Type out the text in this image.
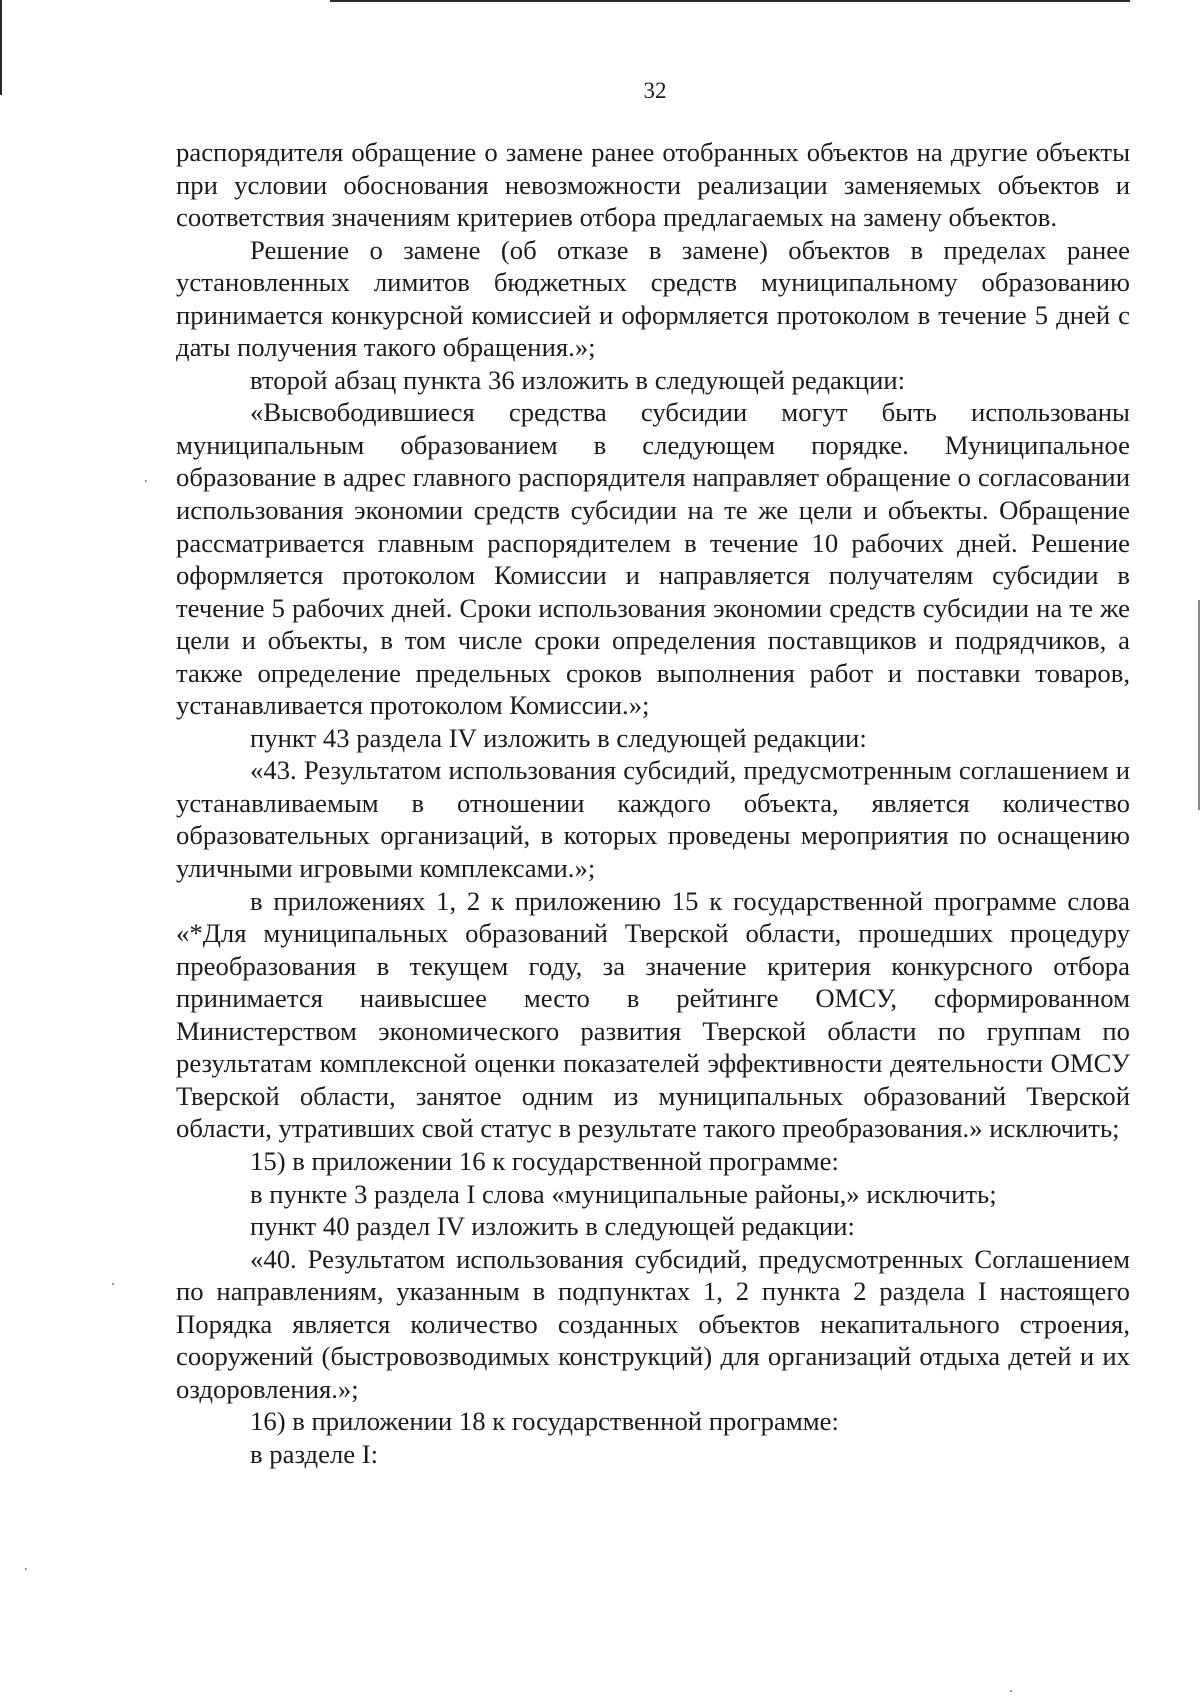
32

распорядителя обращение о замене ранее отобранных объектов на другие объекты при условии обоснования невозможности реализации заменяемых объектов и соответствия значениям критериев отбора предлагаемых на замену объектов.

Решение о замене (об отказе в замене) объектов в пределах ранее установленных лимитов бюджетных средств муниципальному образованию принимается конкурсной комиссией и оформляется протоколом в течение 5 дней с даты получения такого обращения.»;

второй абзац пункта 36 изложить в следующей редакции:

«Высвободившиеся средства субсидии могут быть использованы муниципальным образованием в следующем порядке. Муниципальное образование в адрес главного распорядителя направляет обращение о согласовании использования экономии средств субсидии на те же цели и объекты. Обращение рассматривается главным распорядителем в течение 10 рабочих дней. Решение оформляется протоколом Комиссии и направляется получателям субсидии в течение 5 рабочих дней. Сроки использования экономии средств субсидии на те же цели и объекты, в том числе сроки определения поставщиков и подрядчиков, а также определение предельных сроков выполнения работ и поставки товаров, устанавливается протоколом Комиссии.»;

пункт 43 раздела IV изложить в следующей редакции:

«43. Результатом использования субсидий, предусмотренным соглашением и устанавливаемым в отношении каждого объекта, является количество образовательных организаций, в которых проведены мероприятия по оснащению уличными игровыми комплексами.»;

в приложениях 1, 2 к приложению 15 к государственной программе слова «*Для муниципальных образований Тверской области, прошедших процедуру преобразования в текущем году, за значение критерия конкурсного отбора принимается наивысшее место в рейтинге ОМСУ, сформированном Министерством экономического развития Тверской области по группам по результатам комплексной оценки показателей эффективности деятельности ОМСУ Тверской области, занятое одним из муниципальных образований Тверской области, утративших свой статус в результате такого преобразования.» исключить;

15) в приложении 16 к государственной программе:

в пункте 3 раздела I слова «муниципальные районы,» исключить;

пункт 40 раздел IV изложить в следующей редакции:

«40. Результатом использования субсидий, предусмотренных Соглашением по направлениям, указанным в подпунктах 1, 2 пункта 2 раздела I настоящего Порядка является количество созданных объектов некапитального строения, сооружений (быстровозводимых конструкций) для организаций отдыха детей и их оздоровления.»;

16) в приложении 18 к государственной программе:

в разделе I:
